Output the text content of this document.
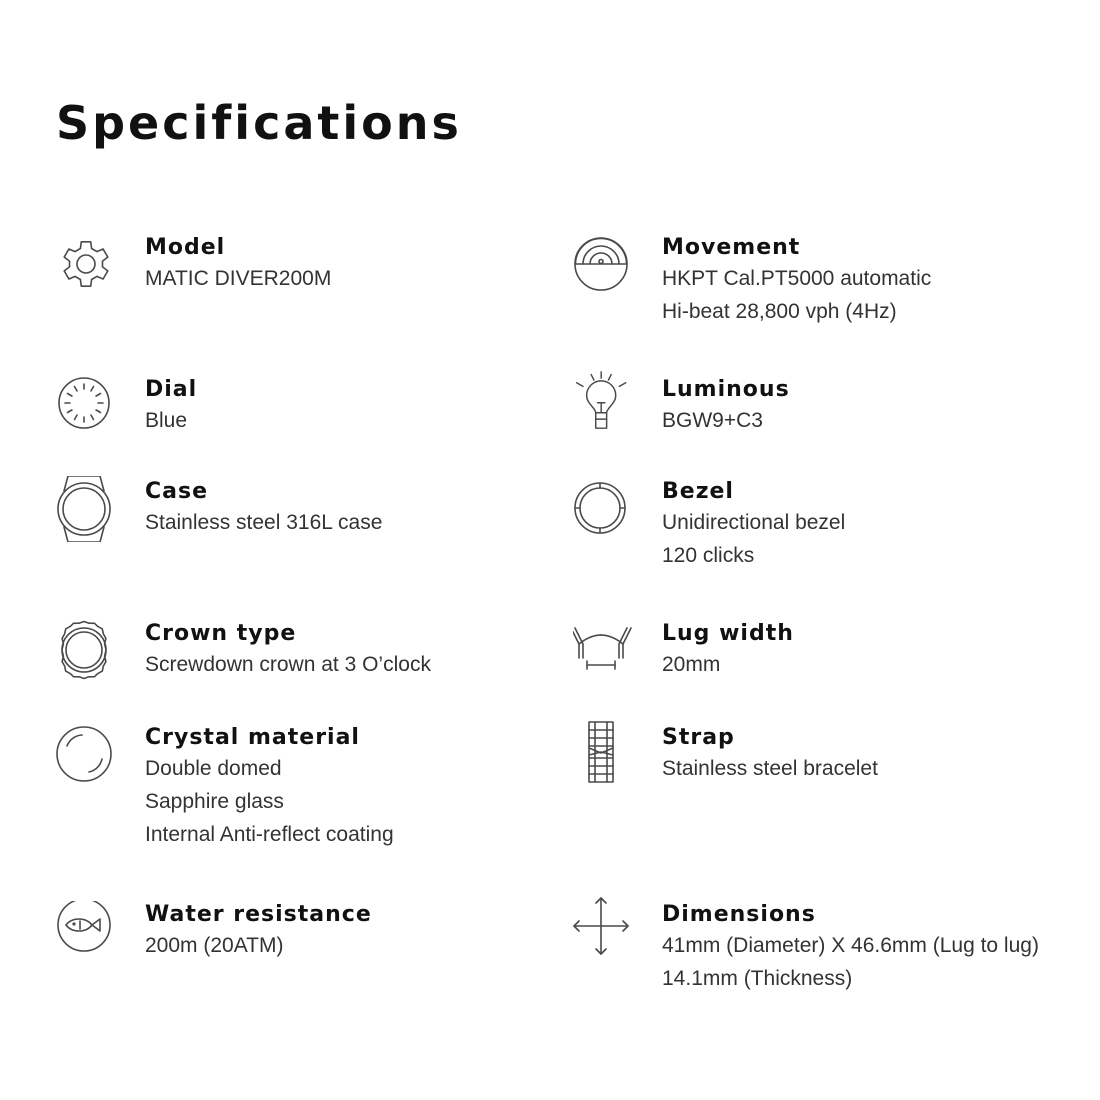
Specifications
Model
MATIC DIVER200M
Movement
HKPT Cal.PT5000 automatic
Hi-beat 28,800 vph (4Hz)
Dial
Blue
Luminous
BGW9+C3
Case
Stainless steel 316L case
Bezel
Unidirectional bezel
120 clicks
Crown type
Screwdown crown at 3 O’clock
Lug width
20mm
Crystal material
Double domed
Sapphire glass
Internal Anti-reflect coating
Strap
Stainless steel bracelet
Water resistance
200m (20ATM)
Dimensions
41mm (Diameter) X 46.6mm (Lug to lug)
14.1mm (Thickness)
